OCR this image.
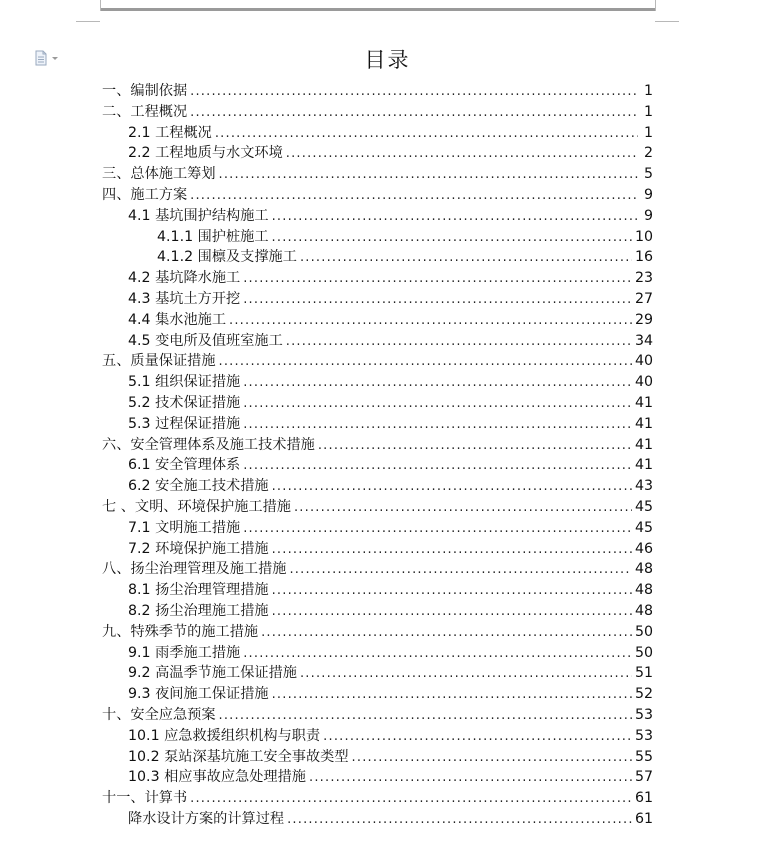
目录
一、编制依据 .....	1
二、工程概况 .....	1
2.1 工程概况 .....	1
2.2 工程地质与水文环境 .....	2
三、总体施工筹划 .....	5
四、施工方案 .....	9
4.1 基坑围护结构施工 .....	9
4.1.1 围护桩施工 .....	10
4.1.2 围檩及支撑施工 .....	16
4.2 基坑降水施工 .....	23
4.3 基坑土方开挖 .....	27
4.4 集水池施工 .....	29
4.5 变电所及值班室施工 .....	34
五、质量保证措施 .....	40
5.1 组织保证措施 .....	40
5.2 技术保证措施 .....	41
5.3 过程保证措施 .....	41
六、安全管理体系及施工技术措施 .....	41
6.1 安全管理体系 .....	41
6.2 安全施工技术措施 .....	43
七 、文明、环境保护施工措施 .....	45
7.1 文明施工措施 .....	45
7.2 环境保护施工措施 .....	46
八、扬尘治理管理及施工措施 .....	48
8.1 扬尘治理管理措施 .....	48
8.2 扬尘治理施工措施 .....	48
九、特殊季节的施工措施 .....	50
9.1 雨季施工措施 .....	50
9.2 高温季节施工保证措施 .....	51
9.3 夜间施工保证措施 .....	52
十、安全应急预案 .....	53
10.1 应急救援组织机构与职责 .....	53
10.2 泵站深基坑施工安全事故类型 .....	55
10.3 相应事故应急处理措施 .....	57
十一、计算书 .....	61
降水设计方案的计算过程 .....	61
